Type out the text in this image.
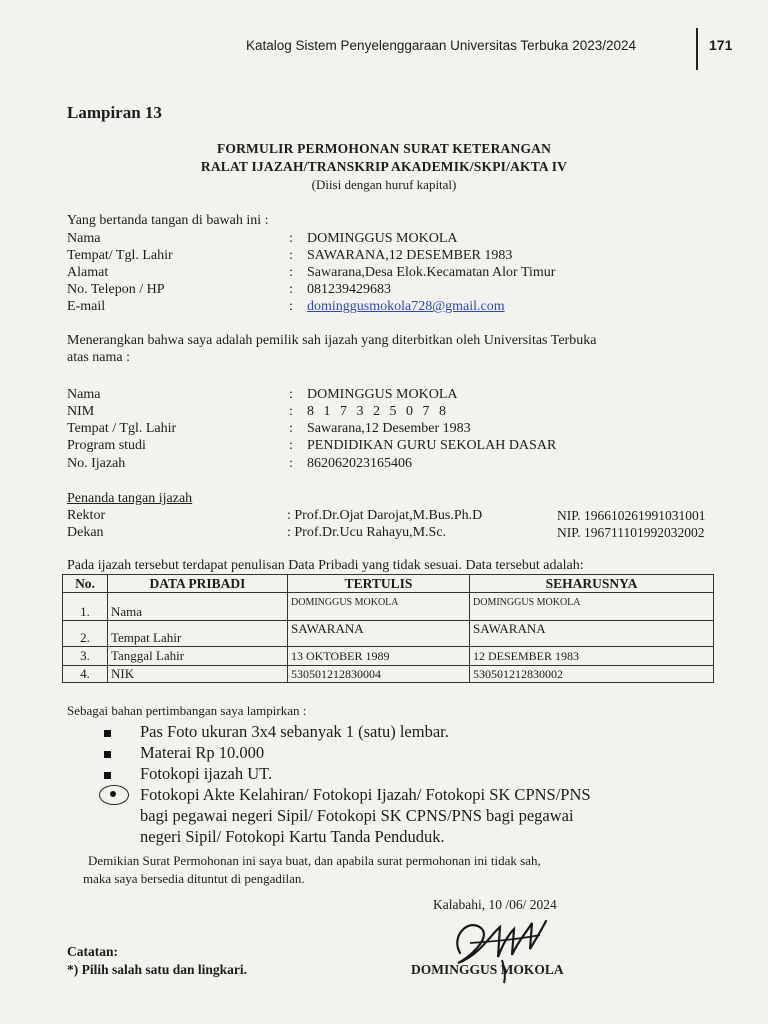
Katalog Sistem Penyelenggaraan Universitas Terbuka 2023/2024	171
Lampiran 13
FORMULIR PERMOHONAN SURAT KETERANGAN
RALAT IJAZAH/TRANSKRIP AKADEMIK/SKPI/AKTA IV
(Diisi dengan huruf kapital)
Yang bertanda tangan di bawah ini :
Nama	: DOMINGGUS MOKOLA
Tempat/ Tgl. Lahir	: SAWARANA,12 DESEMBER 1983
Alamat	: Sawarana,Desa Elok.Kecamatan Alor Timur
No. Telepon / HP	: 081239429683
E-mail	: dominggusmokola728@gmail.com
Menerangkan bahwa saya adalah pemilik sah ijazah yang diterbitkan oleh Universitas Terbuka
atas nama :
Nama	: DOMINGGUS MOKOLA
NIM	: 8 1 7 3 2 5 0 7 8
Tempat / Tgl. Lahir	: Sawarana,12 Desember 1983
Program studi	: PENDIDIKAN GURU SEKOLAH DASAR
No. Ijazah	: 862062023165406
Penanda tangan ijazah
Rektor	: Prof.Dr.Ojat Darojat,M.Bus.Ph.D	NIP. 196610261991031001
Dekan	: Prof.Dr.Ucu Rahayu,M.Sc.	NIP. 196711101992032002
Pada ijazah tersebut terdapat penulisan Data Pribadi yang tidak sesuai. Data tersebut adalah:
No.	DATA PRIBADI	TERTULIS	SEHARUSNYA
1.	Nama	DOMINGGUS MOKOLA	DOMINGGUS MOKOLA
2.	Tempat Lahir	SAWARANA	SAWARANA
3.	Tanggal Lahir	13 OKTOBER 1989	12 DESEMBER 1983
4.	NIK	530501212830004	530501212830002
Sebagai bahan pertimbangan saya lampirkan :
Pas Foto ukuran 3x4 sebanyak 1 (satu) lembar.
Materai Rp 10.000
Fotokopi ijazah UT.
Fotokopi Akte Kelahiran/ Fotokopi Ijazah/ Fotokopi SK CPNS/PNS
bagi pegawai negeri Sipil/ Fotokopi SK CPNS/PNS bagi pegawai
negeri Sipil/ Fotokopi Kartu Tanda Penduduk.
Demikian Surat Permohonan ini saya buat, dan apabila surat permohonan ini tidak sah,
maka saya bersedia dituntut di pengadilan.
Kalabahi, 10 /06/ 2024
DOMINGGUS MOKOLA
Catatan:
*) Pilih salah satu dan lingkari.
